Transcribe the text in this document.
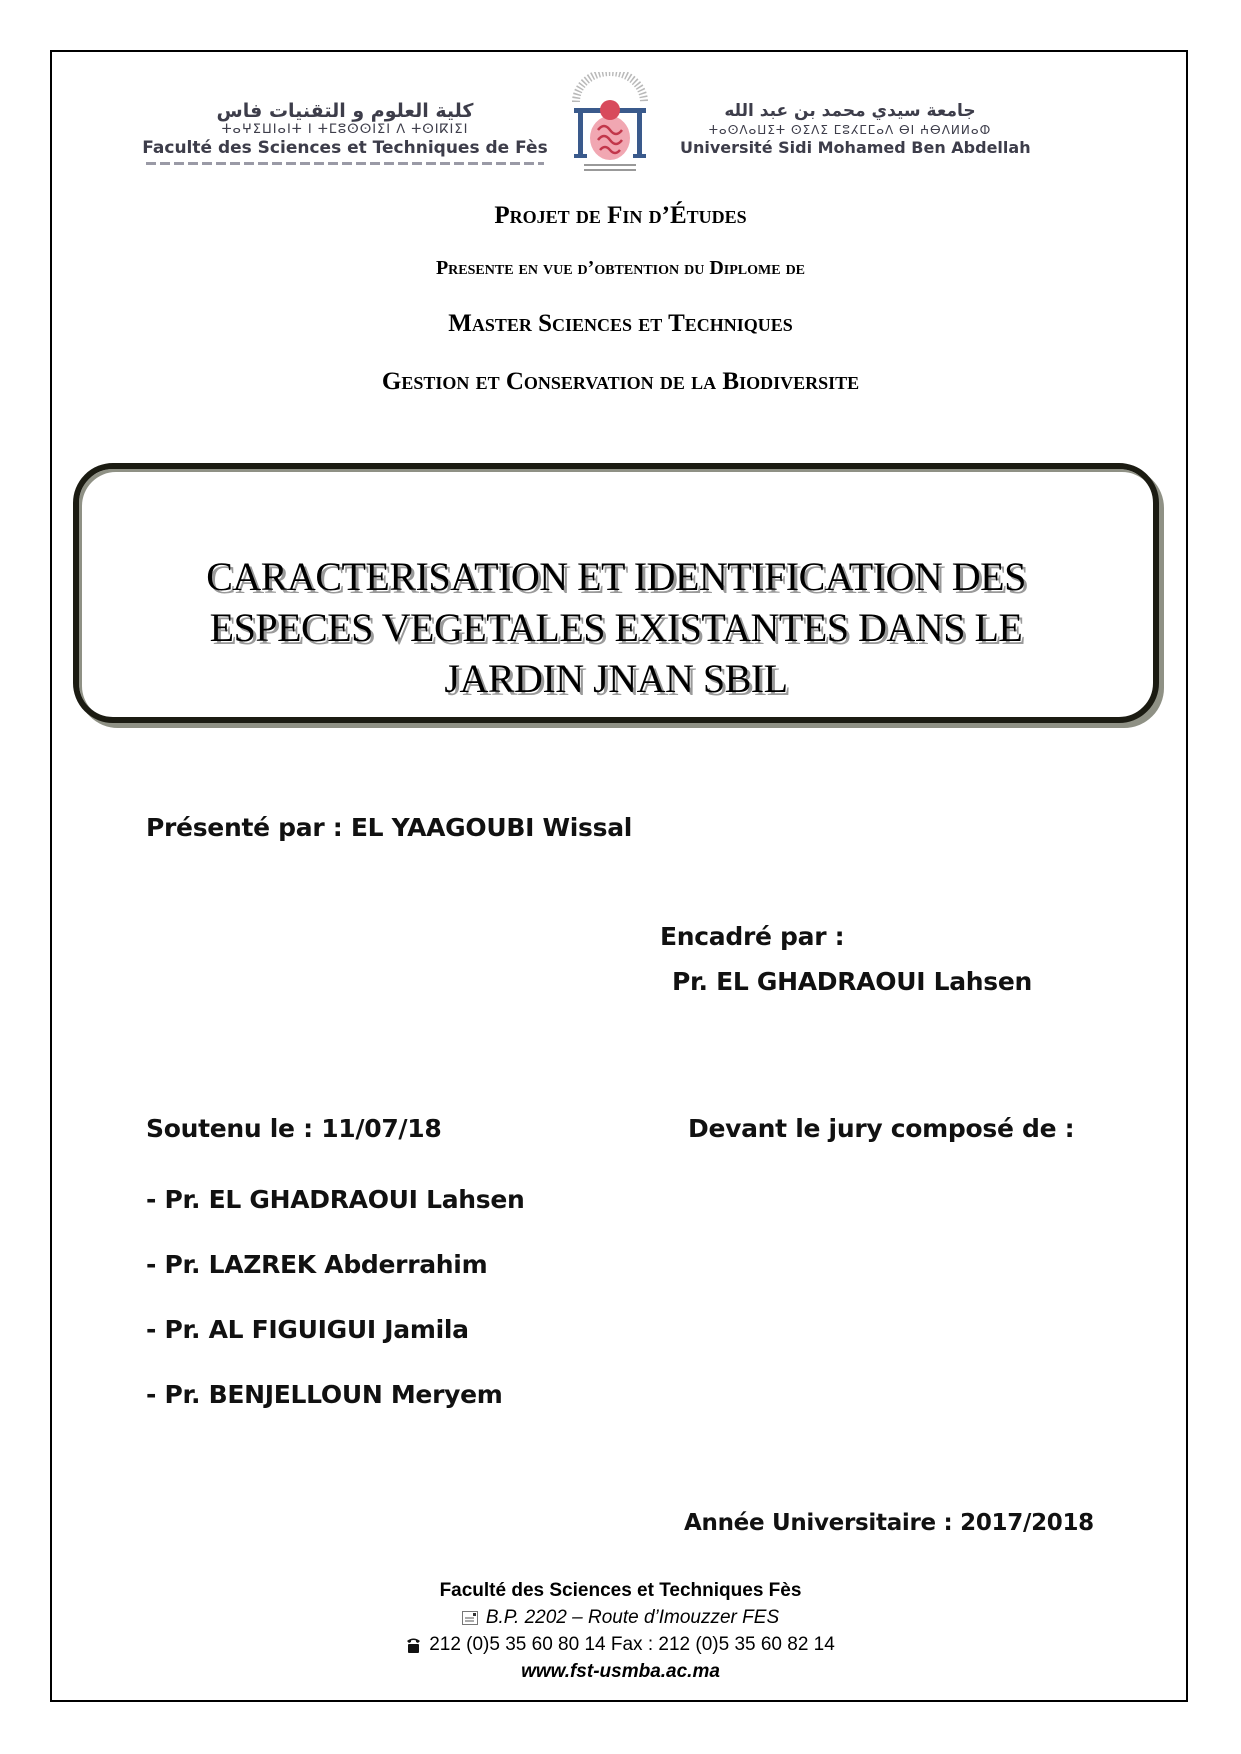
كلية العلوم و التقنيات فاس
ⵜⴰⵖⵉⵡⵏⴰⵏⵜ ⵏ ⵜⵎⵓⵙⵙⵏⵉⵏ ⴷ ⵜⵙⵏⴽⵏⵉⵏ
Faculté des Sciences et Techniques de Fès
جامعة سيدي محمد بن عبد الله
ⵜⴰⵙⴷⴰⵡⵉⵜ ⵙⵉⴷⵉ ⵎⵓⵃⵎⵎⴰⴷ ⴱⵏ ⵄⴱⴷⵍⵍⴰⵀ
Université Sidi Mohamed Ben Abdellah
Projet de Fin d’Études
Presente en vue d’obtention du Diplome de
Master Sciences et Techniques
Gestion et Conservation de la Biodiversite
CARACTERISATION ET IDENTIFICATION DES
ESPECES VEGETALES EXISTANTES DANS LE
JARDIN JNAN SBIL
Présenté par : EL YAAGOUBI Wissal
Encadré par :
Pr. EL GHADRAOUI Lahsen
Soutenu le : 11/07/18	Devant le jury composé de :
- Pr. EL GHADRAOUI Lahsen
- Pr. LAZREK Abderrahim
- Pr. AL FIGUIGUI Jamila
- Pr. BENJELLOUN Meryem
Année Universitaire : 2017/2018
Faculté des Sciences et Techniques Fès
B.P. 2202 – Route d’Imouzzer FES
212 (0)5 35 60 80 14 Fax : 212 (0)5 35 60 82 14
www.fst-usmba.ac.ma
